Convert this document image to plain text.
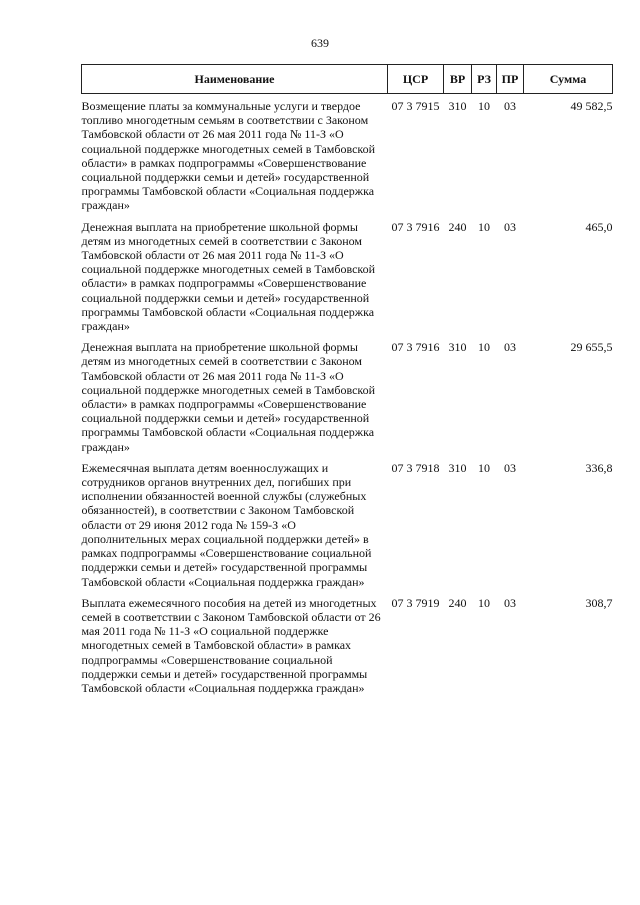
639
Наименование	ЦСР	ВР	РЗ	ПР	Сумма
Возмещение платы за коммунальные услуги и твердое топливо многодетным семьям в соответствии с Законом Тамбовской области от 26 мая 2011 года № 11-З «О социальной поддержке многодетных семей в Тамбовской области» в рамках подпрограммы «Совершенствование социальной поддержки семьи и детей» государственной программы Тамбовской области «Социальная поддержка граждан»	07 3 7915	310	10	03	49 582,5
Денежная выплата на приобретение школьной формы детям из многодетных семей в соответствии с Законом Тамбовской области от 26 мая 2011 года № 11-З «О социальной поддержке многодетных семей в Тамбовской области» в рамках подпрограммы «Совершенствование социальной поддержки семьи и детей» государственной программы Тамбовской области «Социальная поддержка граждан»	07 3 7916	240	10	03	465,0
Денежная выплата на приобретение школьной формы детям из многодетных семей в соответствии с Законом Тамбовской области от 26 мая 2011 года № 11-З «О социальной поддержке многодетных семей в Тамбовской области» в рамках подпрограммы «Совершенствование социальной поддержки семьи и детей» государственной программы Тамбовской области «Социальная поддержка граждан»	07 3 7916	310	10	03	29 655,5
Ежемесячная выплата детям военнослужащих и сотрудников органов внутренних дел, погибших при исполнении обязанностей военной службы (служебных обязанностей), в соответствии с Законом Тамбовской области от 29 июня 2012 года № 159-З «О дополнительных мерах социальной поддержки детей» в рамках подпрограммы «Совершенствование социальной поддержки семьи и детей» государственной программы Тамбовской области «Социальная поддержка граждан»	07 3 7918	310	10	03	336,8
Выплата ежемесячного пособия на детей из многодетных семей в соответствии с Законом Тамбовской области от 26 мая 2011 года № 11-З «О социальной поддержке многодетных семей в Тамбовской области» в рамках подпрограммы «Совершенствование социальной поддержки семьи и детей» государственной программы Тамбовской области «Социальная поддержка граждан»	07 3 7919	240	10	03	308,7
